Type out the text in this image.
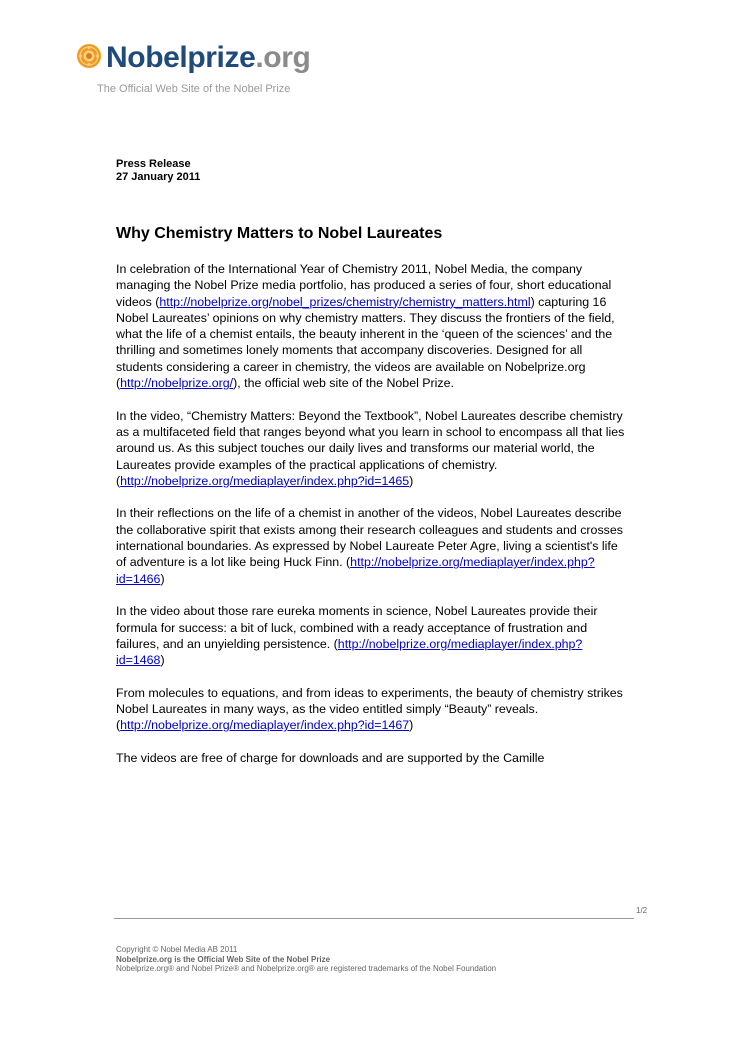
Nobelprize.org
The Official Web Site of the Nobel Prize
Press Release
27 January 2011
Why Chemistry Matters to Nobel Laureates

In celebration of the International Year of Chemistry 2011, Nobel Media, the company managing the Nobel Prize media portfolio, has produced a series of four, short educational videos (http://nobelprize.org/nobel_prizes/chemistry/chemistry_matters.html) capturing 16 Nobel Laureates’ opinions on why chemistry matters. They discuss the frontiers of the field, what the life of a chemist entails, the beauty inherent in the ‘queen of the sciences’ and the thrilling and sometimes lonely moments that accompany discoveries. Designed for all students considering a career in chemistry, the videos are available on Nobelprize.org (http://nobelprize.org/), the official web site of the Nobel Prize.

In the video, “Chemistry Matters: Beyond the Textbook”, Nobel Laureates describe chemistry as a multifaceted field that ranges beyond what you learn in school to encompass all that lies around us. As this subject touches our daily lives and transforms our material world, the Laureates provide examples of the practical applications of chemistry. (http://nobelprize.org/mediaplayer/index.php?id=1465)

In their reflections on the life of a chemist in another of the videos, Nobel Laureates describe the collaborative spirit that exists among their research colleagues and students and crosses international boundaries. As expressed by Nobel Laureate Peter Agre, living a scientist's life of adventure is a lot like being Huck Finn. (http://nobelprize.org/mediaplayer/index.php?id=1466)

In the video about those rare eureka moments in science, Nobel Laureates provide their formula for success: a bit of luck, combined with a ready acceptance of frustration and failures, and an unyielding persistence. (http://nobelprize.org/mediaplayer/index.php?id=1468)

From molecules to equations, and from ideas to experiments, the beauty of chemistry strikes Nobel Laureates in many ways, as the video entitled simply “Beauty” reveals. (http://nobelprize.org/mediaplayer/index.php?id=1467)

The videos are free of charge for downloads and are supported by the Camille

1/2
Copyright © Nobel Media AB 2011
Nobelprize.org is the Official Web Site of the Nobel Prize
Nobelprize.org® and Nobel Prize® and Nobelprize.org® are registered trademarks of the Nobel Foundation
